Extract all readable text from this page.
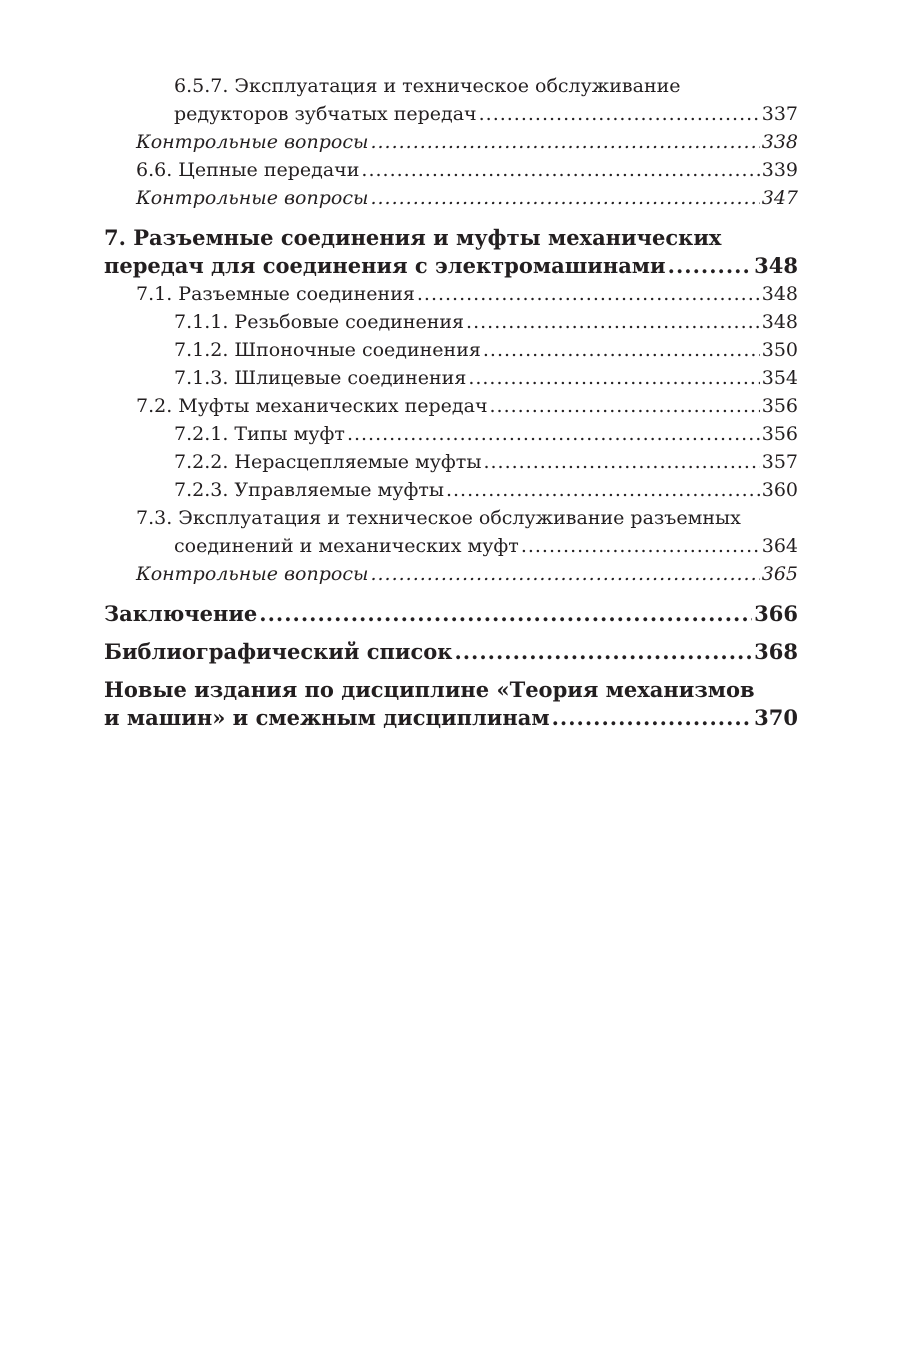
6.5.7. Эксплуатация и техническое обслуживание
редукторов зубчатых передач .....	337
Контрольные вопросы .....	338
6.6. Цепные передачи .....	339
Контрольные вопросы .....	347
7. Разъемные соединения и муфты механических
передач для соединения с электромашинами .....	348
7.1. Разъемные соединения .....	348
7.1.1. Резьбовые соединения .....	348
7.1.2. Шпоночные соединения .....	350
7.1.3. Шлицевые соединения .....	354
7.2. Муфты механических передач .....	356
7.2.1. Типы муфт .....	356
7.2.2. Нерасцепляемые муфты .....	357
7.2.3. Управляемые муфты .....	360
7.3. Эксплуатация и техническое обслуживание разъемных
соединений и механических муфт .....	364
Контрольные вопросы .....	365
Заключение .....	366
Библиографический список .....	368
Новые издания по дисциплине «Теория механизмов
и машин» и смежным дисциплинам .....	370
